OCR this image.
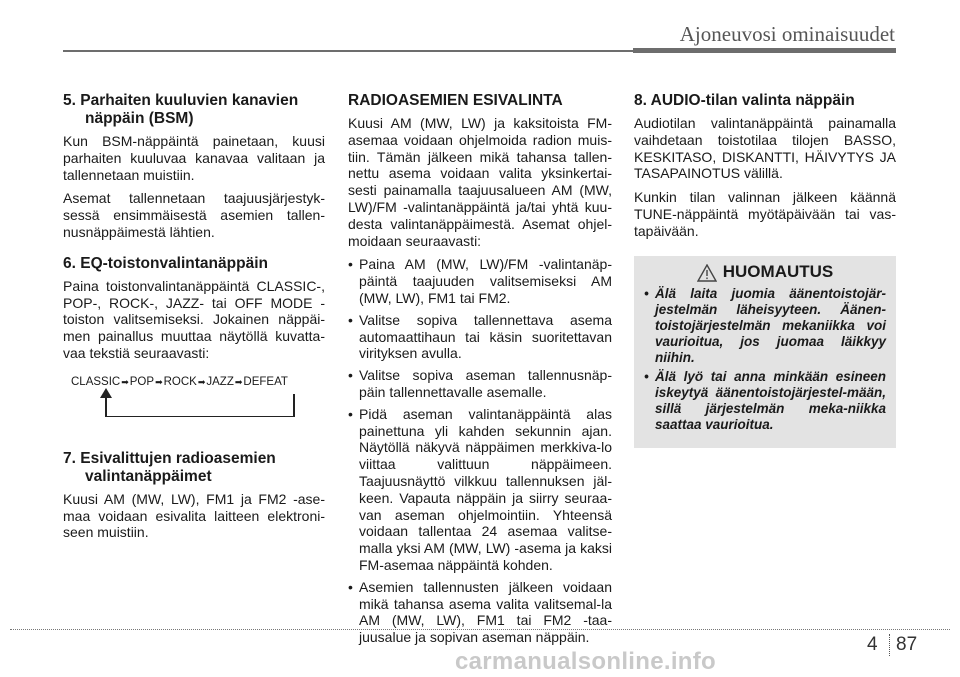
Ajoneuvosi ominaisuudet
5. Parhaiten kuuluvien kanavien
näppäin (BSM)

Kun BSM-näppäintä painetaan, kuusi parhaiten kuuluvaa kanavaa valitaan ja tallennetaan muistiin.

Asemat tallennetaan taajuusjärjestyk-sessä ensimmäisestä asemien tallen-nusnäppäimestä lähtien.

6. EQ-toistonvalintanäppäin

Paina toistonvalintanäppäintä CLASSIC-, POP-, ROCK-, JAZZ- tai OFF MODE -toiston valitsemiseksi. Jokainen näppäi-men painallus muuttaa näytöllä kuvatta-vaa tekstiä seuraavasti:

CLASSIC➡POP➡ROCK➡JAZZ➡DEFEAT
7. Esivalittujen radioasemien
valintanäppäimet

Kuusi AM (MW, LW), FM1 ja FM2 -ase-maa voidaan esivalita laitteen elektroni-seen muistiin.

RADIOASEMIEN ESIVALINTA

Kuusi AM (MW, LW) ja kaksitoista FM-asemaa voidaan ohjelmoida radion muis-tiin. Tämän jälkeen mikä tahansa tallen-nettu asema voidaan valita yksinkertai-sesti painamalla taajuusalueen AM (MW, LW)/FM -valintanäppäintä ja/tai yhtä kuu-desta valintanäppäimestä. Asemat ohjel-moidaan seuraavasti:

• Paina AM (MW, LW)/FM -valintanäp-päintä taajuuden valitsemiseksi AM (MW, LW), FM1 tai FM2.
• Valitse sopiva tallennettava asema automaattihaun tai käsin suoritettavan virityksen avulla.
• Valitse sopiva aseman tallennusnäp-päin tallennettavalle asemalle.
• Pidä aseman valintanäppäintä alas painettuna yli kahden sekunnin ajan. Näytöllä näkyvä näppäimen merkkiva-lo viittaa valittuun näppäimeen. Taajuusnäyttö vilkkuu tallennuksen jäl-keen. Vapauta näppäin ja siirry seuraa-van aseman ohjelmointiin. Yhteensä voidaan tallentaa 24 asemaa valitse-malla yksi AM (MW, LW) -asema ja kaksi FM-asemaa näppäintä kohden.
• Asemien tallennusten jälkeen voidaan mikä tahansa asema valita valitsemal-la AM (MW, LW), FM1 tai FM2 -taa-juusalue ja sopivan aseman näppäin.
8. AUDIO-tilan valinta näppäin

Audiotilan valintanäppäintä painamalla vaihdetaan toistotilaa tilojen BASSO, KESKITASO, DISKANTTI, HÄIVYTYS JA TASAPAINOTUS välillä.

Kunkin tilan valinnan jälkeen käännä TUNE-näppäintä myötäpäivään tai vas-tapäivään.

HUOMAUTUS
• Älä laita juomia äänentoistojär-jestelmän läheisyyteen. Äänen-toistojärjestelmän mekaniikka voi vaurioitua, jos juomaa läikkyy niihin.
• Älä lyö tai anna minkään esineen iskeytyä äänentoistojärjestel-mään, sillä järjestelmän meka-niikka saattaa vaurioitua.
4 87
carmanualsonline.info
